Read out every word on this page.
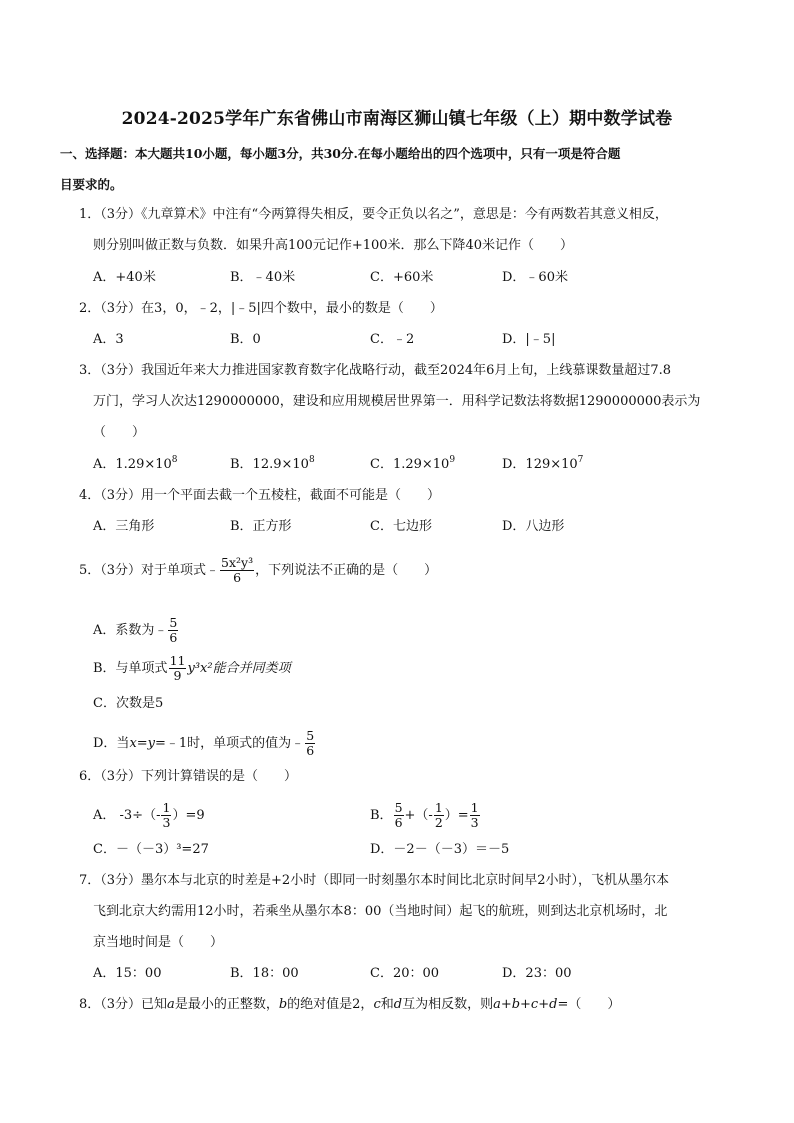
2024-2025学年广东省佛山市南海区狮山镇七年级（上）期中数学试卷
一、选择题：本大题共10小题，每小题3分，共30分.在每小题给出的四个选项中，只有一项是符合题
目要求的。
1．（3分）《九章算术》中注有“今两算得失相反，要令正负以名之”，意思是：今有两数若其意义相反，
则分别叫做正数与负数．如果升高100元记作+100米．那么下降40米记作（　　）
A．+40米	B．﹣40米	C．+60米	D．﹣60米
2．（3分）在3，0，﹣2，|﹣5|四个数中，最小的数是（　　）
A．3	B．0	C．﹣2	D．|﹣5|
3．（3分）我国近年来大力推进国家教育数字化战略行动，截至2024年6月上旬，上线慕课数量超过7.8
万门，学习人次达1290000000，建设和应用规模居世界第一．用科学记数法将数据1290000000表示为
（　　）
A．$1.29\times 10^8$	B．$12.9\times 10^8$	C．$1.29\times 10^9$	D．$129\times 10^7$
4．（3分）用一个平面去截一个五棱柱，截面不可能是（　　）
A．三角形	B．正方形	C．七边形	D．八边形
5．（3分）对于单项式﹣ $\frac{\text{5x²y³}}{6}$ ，下列说法不正确的是（　　）
A．系数为﹣ $\frac{5}{6}$
B．与单项式 $\frac{11}{9} y^3x^2$能合并同类项
C．次数是5
D．当x=y=﹣1时，单项式的值为﹣ $\frac{5}{6}$
6．（3分）下列计算错误的是（　　）
A． $-3\div(- \frac{1}{3} )=9$	B． $\frac{5}{6}$ +（- $\frac{1}{2}$ ）= $\frac{1}{3}$
C．－（－3）³=27	D．－2－（－3）＝－5
7．（3分）墨尔本与北京的时差是+2小时（即同一时刻墨尔本时间比北京时间早2小时），飞机从墨尔本
飞到北京大约需用12小时，若乘坐从墨尔本8：00（当地时间）起飞的航班，则到达北京机场时，北
京当地时间是（　　）
A．15：00	B．18：00	C．20：00	D．23：00
8．（3分）已知a是最小的正整数，b的绝对值是2，c和d互为相反数，则a+b+c+d=（　　）
